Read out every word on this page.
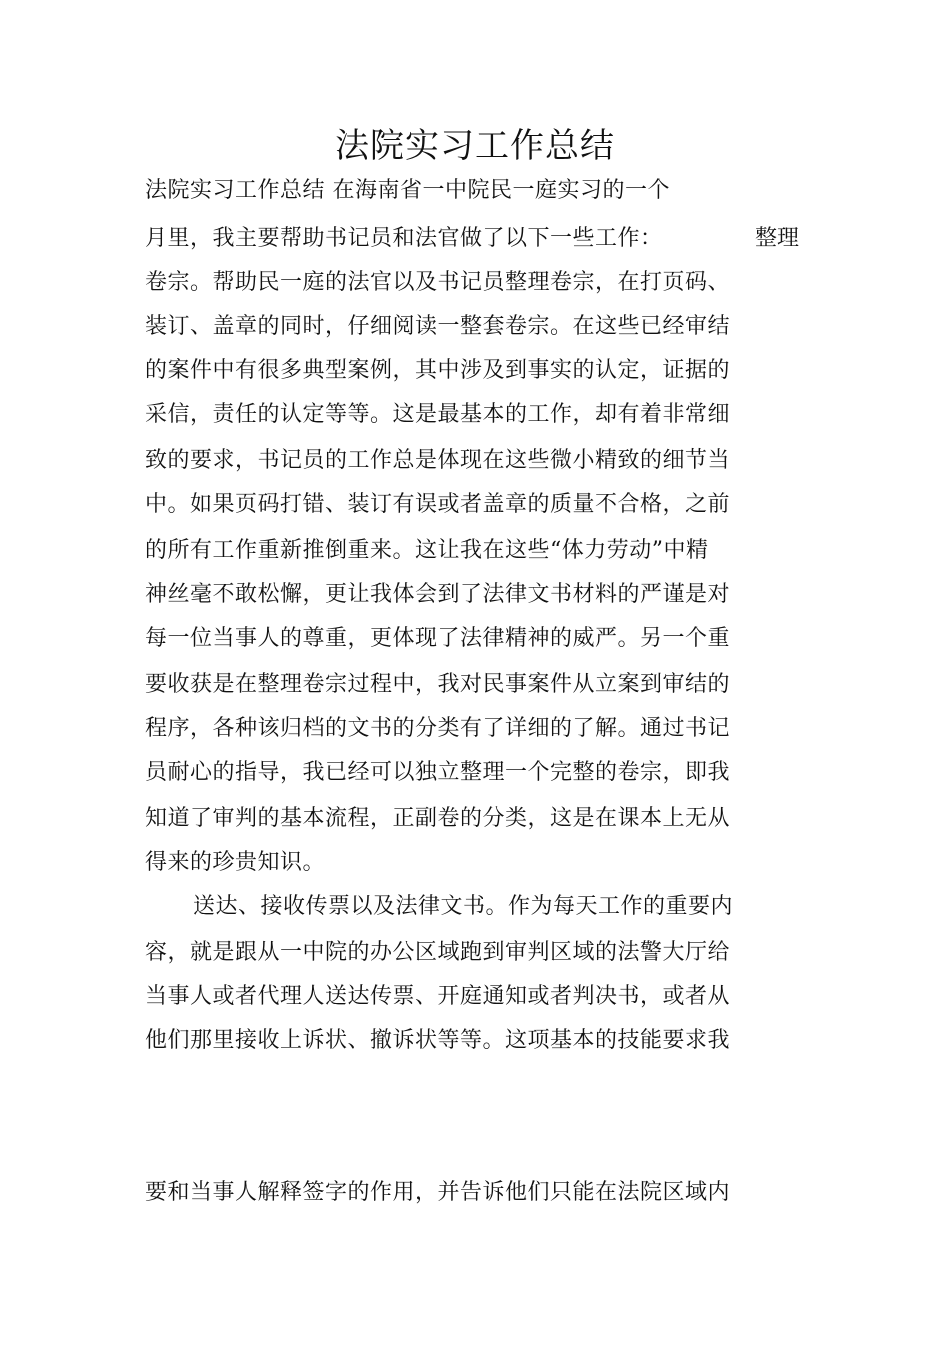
法院实习工作总结
法院实习工作总结 在海南省一中院民一庭实习的一个
月里，我主要帮助书记员和法官做了以下一些工作：	整理
卷宗。帮助民一庭的法官以及书记员整理卷宗，在打页码、
装订、盖章的同时，仔细阅读一整套卷宗。在这些已经审结
的案件中有很多典型案例，其中涉及到事实的认定，证据的
采信，责任的认定等等。这是最基本的工作，却有着非常细
致的要求，书记员的工作总是体现在这些微小精致的细节当
中。如果页码打错、装订有误或者盖章的质量不合格，之前
的所有工作重新推倒重来。这让我在这些“体力劳动”中精
神丝毫不敢松懈，更让我体会到了法律文书材料的严谨是对
每一位当事人的尊重，更体现了法律精神的威严。另一个重
要收获是在整理卷宗过程中，我对民事案件从立案到审结的
程序，各种该归档的文书的分类有了详细的了解。通过书记
员耐心的指导，我已经可以独立整理一个完整的卷宗，即我
知道了审判的基本流程，正副卷的分类，这是在课本上无从
得来的珍贵知识。
送达、接收传票以及法律文书。作为每天工作的重要内
容，就是跟从一中院的办公区域跑到审判区域的法警大厅给
当事人或者代理人送达传票、开庭通知或者判决书，或者从
他们那里接收上诉状、撤诉状等等。这项基本的技能要求我
要和当事人解释签字的作用，并告诉他们只能在法院区域内
